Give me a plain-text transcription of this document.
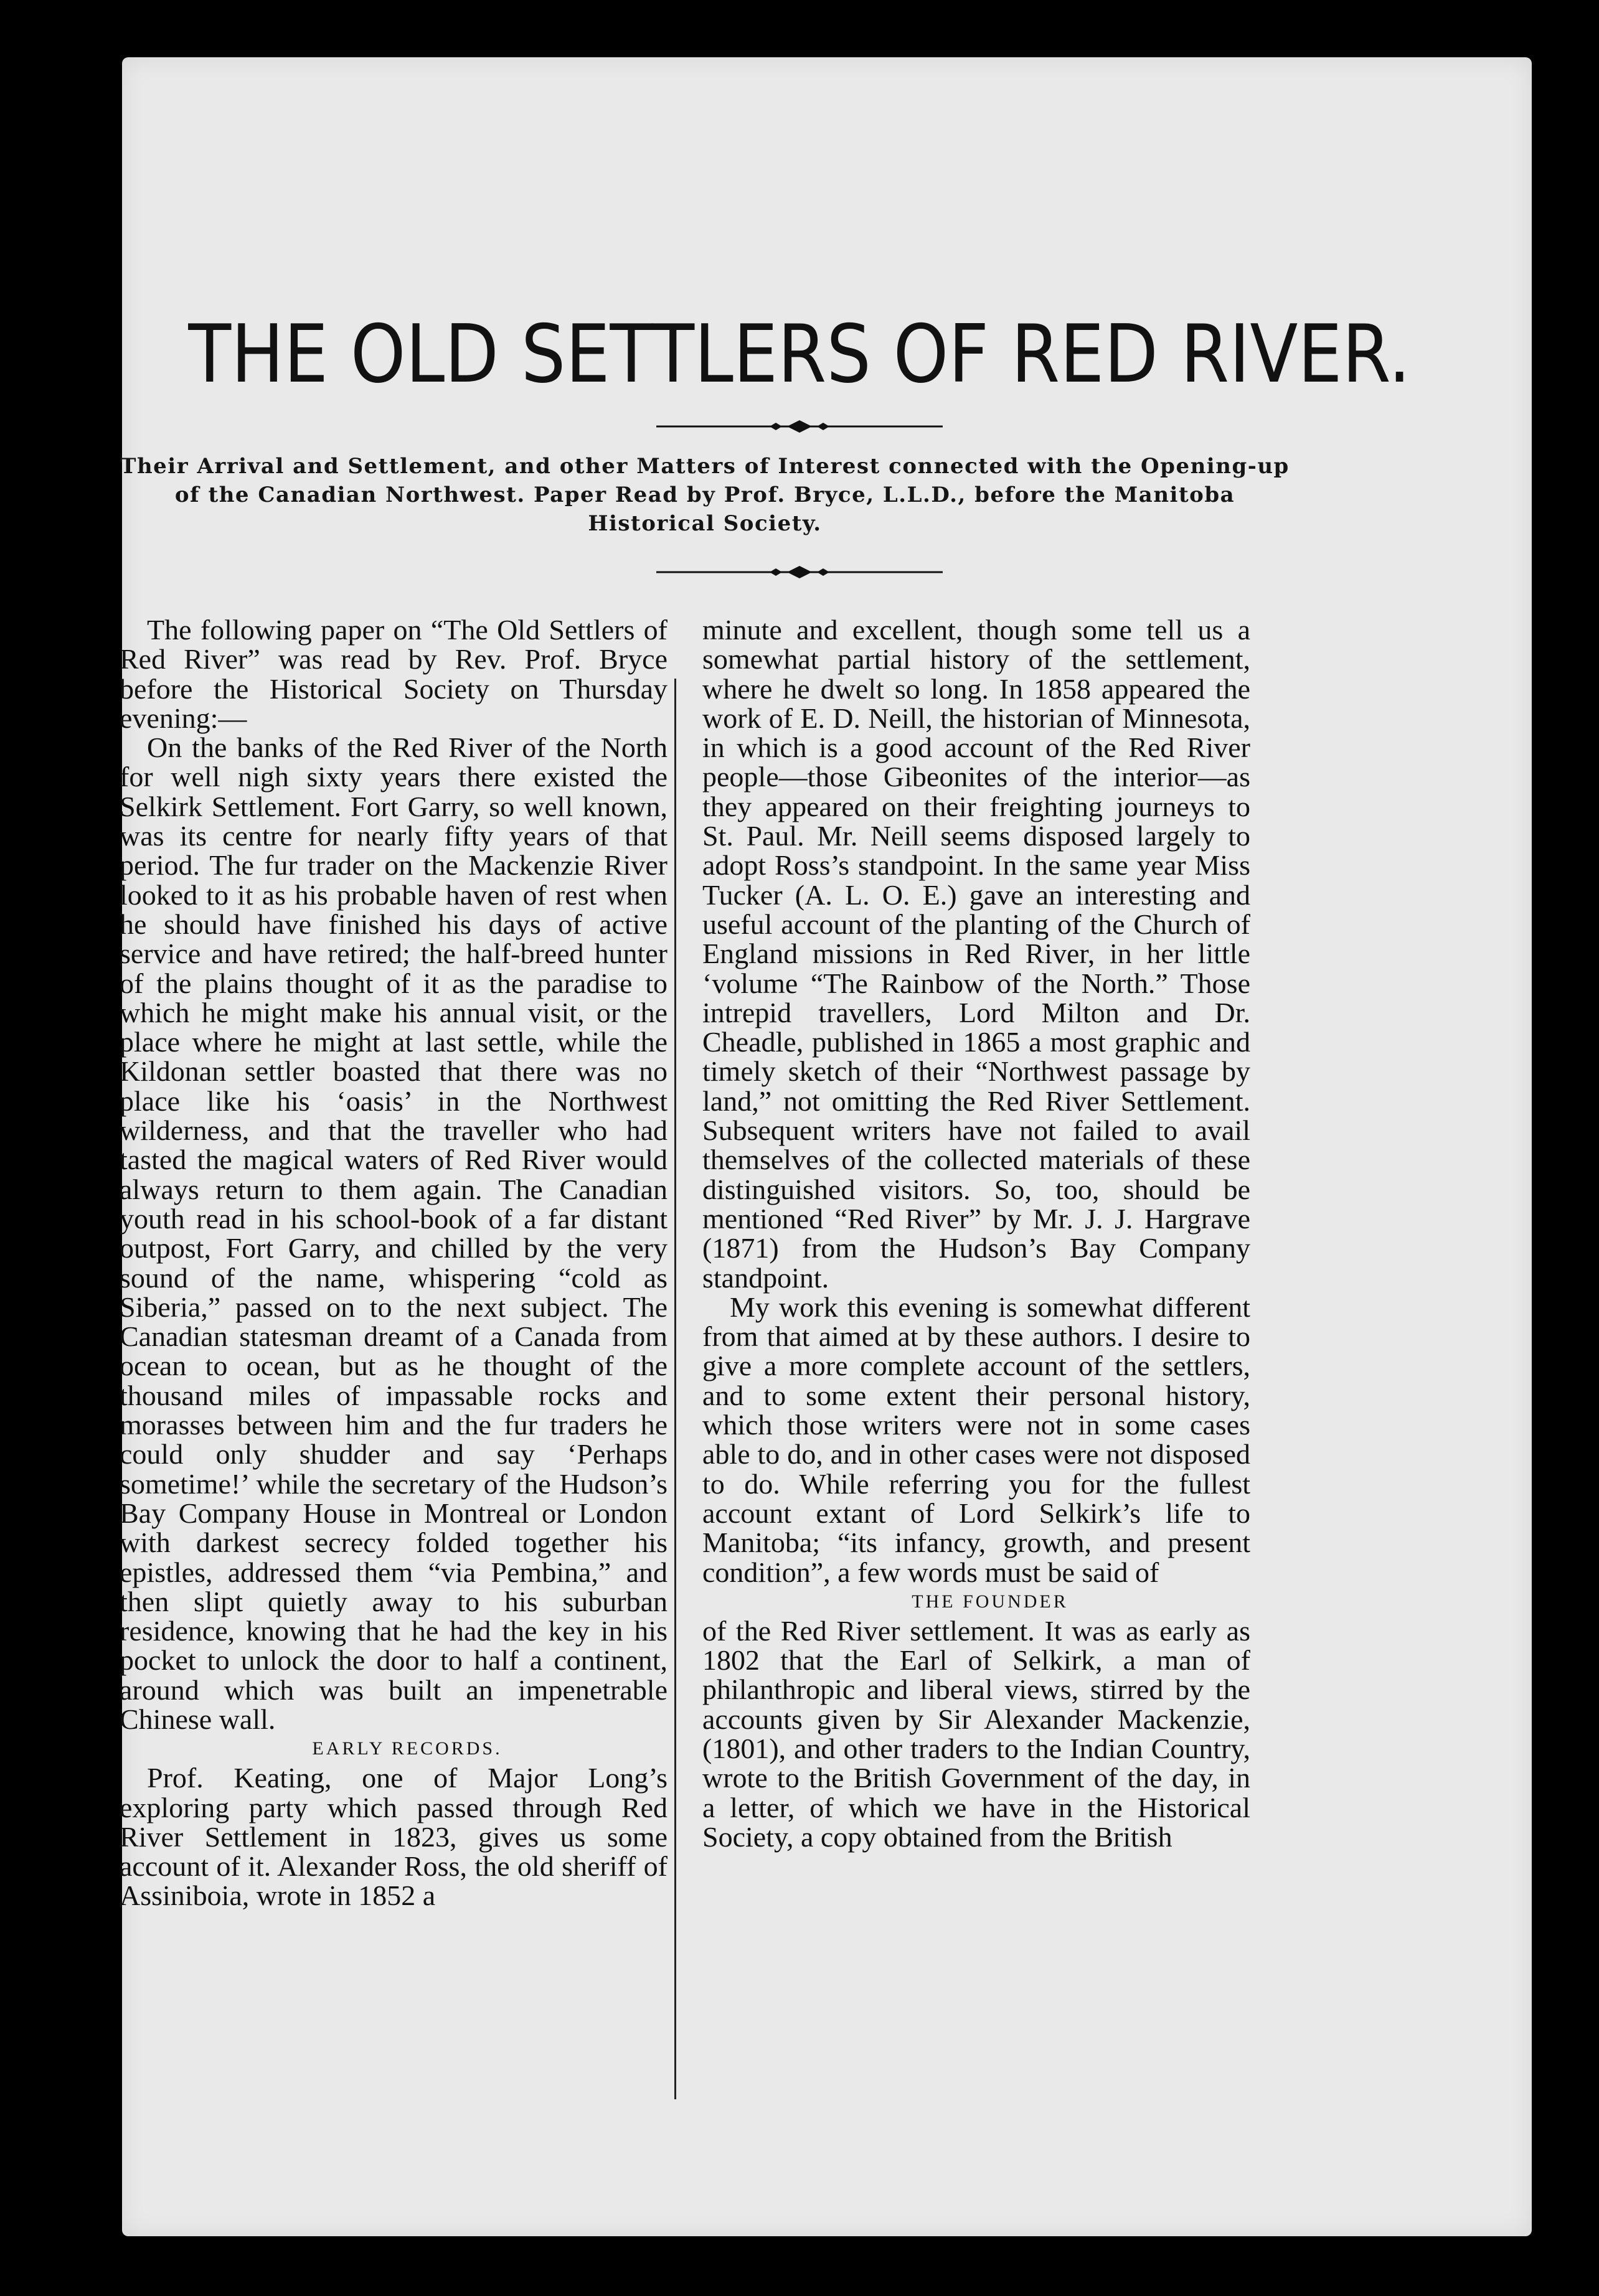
THE OLD SETTLERS OF RED RIVER.
Their Arrival and Settlement, and other Matters of Interest connected with the Opening-up of the Canadian Northwest. Paper Read by Prof. Bryce, L.L.D., before the Manitoba Historical Society.

The following paper on “The Old Settlers of Red River” was read by Rev. Prof. Bryce before the Historical Society on Thursday evening:—

On the banks of the Red River of the North for well nigh sixty years there existed the Selkirk Settlement. Fort Garry, so well known, was its centre for nearly fifty years of that period. The fur trader on the Mackenzie River looked to it as his probable haven of rest when he should have finished his days of active service and have retired; the half-breed hunter of the plains thought of it as the paradise to which he might make his annual visit, or the place where he might at last settle, while the Kildonan settler boasted that there was no place like his ‘oasis’ in the Northwest wilderness, and that the traveller who had tasted the magical waters of Red River would always return to them again. The Canadian youth read in his school-book of a far distant outpost, Fort Garry, and chilled by the very sound of the name, whispering “cold as Siberia,” passed on to the next subject. The Canadian statesman dreamt of a Canada from ocean to ocean, but as he thought of the thousand miles of impassable rocks and morasses between him and the fur traders he could only shudder and say ‘Perhaps sometime!’ while the secretary of the Hudson’s Bay Company House in Montreal or London with darkest secrecy folded together his epistles, addressed them “via Pembina,” and then slipt quietly away to his suburban residence, knowing that he had the key in his pocket to unlock the door to half a continent, around which was built an impenetrable Chinese wall.

EARLY RECORDS.

Prof. Keating, one of Major Long’s exploring party which passed through Red River Settlement in 1823, gives us some account of it. Alexander Ross, the old sheriff of Assiniboia, wrote in 1852 a

minute and excellent, though some tell us a somewhat partial history of the settlement, where he dwelt so long. In 1858 appeared the work of E. D. Neill, the historian of Minnesota, in which is a good account of the Red River people—those Gibeonites of the interior—as they appeared on their freighting journeys to St. Paul. Mr. Neill seems disposed largely to adopt Ross’s standpoint. In the same year Miss Tucker (A. L. O. E.) gave an interesting and useful account of the planting of the Church of England missions in Red River, in her little ‘volume “The Rainbow of the North.” Those intrepid travellers, Lord Milton and Dr. Cheadle, published in 1865 a most graphic and timely sketch of their “Northwest passage by land,” not omitting the Red River Settlement. Subsequent writers have not failed to avail themselves of the collected materials of these distinguished visitors. So, too, should be mentioned “Red River” by Mr. J. J. Hargrave (1871) from the Hudson’s Bay Company standpoint.

My work this evening is somewhat different from that aimed at by these authors. I desire to give a more complete account of the settlers, and to some extent their personal history, which those writers were not in some cases able to do, and in other cases were not disposed to do. While referring you for the fullest account extant of Lord Selkirk’s life to Manitoba; “its infancy, growth, and present condition”, a few words must be said of

THE FOUNDER

of the Red River settlement. It was as early as 1802 that the Earl of Selkirk, a man of philanthropic and liberal views, stirred by the accounts given by Sir Alexander Mackenzie, (1801), and other traders to the Indian Country, wrote to the British Government of the day, in a letter, of which we have in the Historical Society, a copy obtained from the British
